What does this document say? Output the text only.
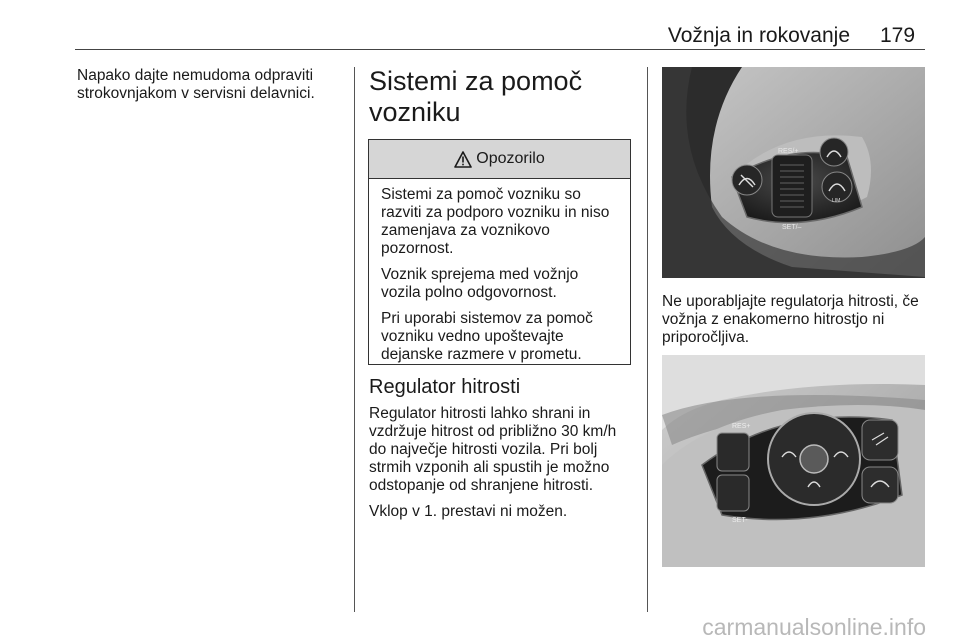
Vožnja in rokovanje 179
Napako dajte nemudoma odpraviti strokovnjakom v servisni delavnici.	Sistemi za pomoč vozniku
Opozorilo

Sistemi za pomoč vozniku so razviti za podporo vozniku in niso zamenjava za voznikovo pozornost.

Voznik sprejema med vožnjo vozila polno odgovornost.

Pri uporabi sistemov za pomoč vozniku vedno upoštevajte dejanske razmere v prometu.

Regulator hitrosti

Regulator hitrosti lahko shrani in vzdržuje hitrost od približno 30 km/h do največje hitrosti vozila. Pri bolj strmih vzponih ali spustih je možno odstopanje od shranjene hitrosti.

Vklop v 1. prestavi ni možen.

RES/+
SET/–
LIM

Ne uporabljajte regulatorja hitrosti, če vožnja z enakomerno hitrostjo ni priporočljiva.

RES+
SET-
carmanualsonline.info
